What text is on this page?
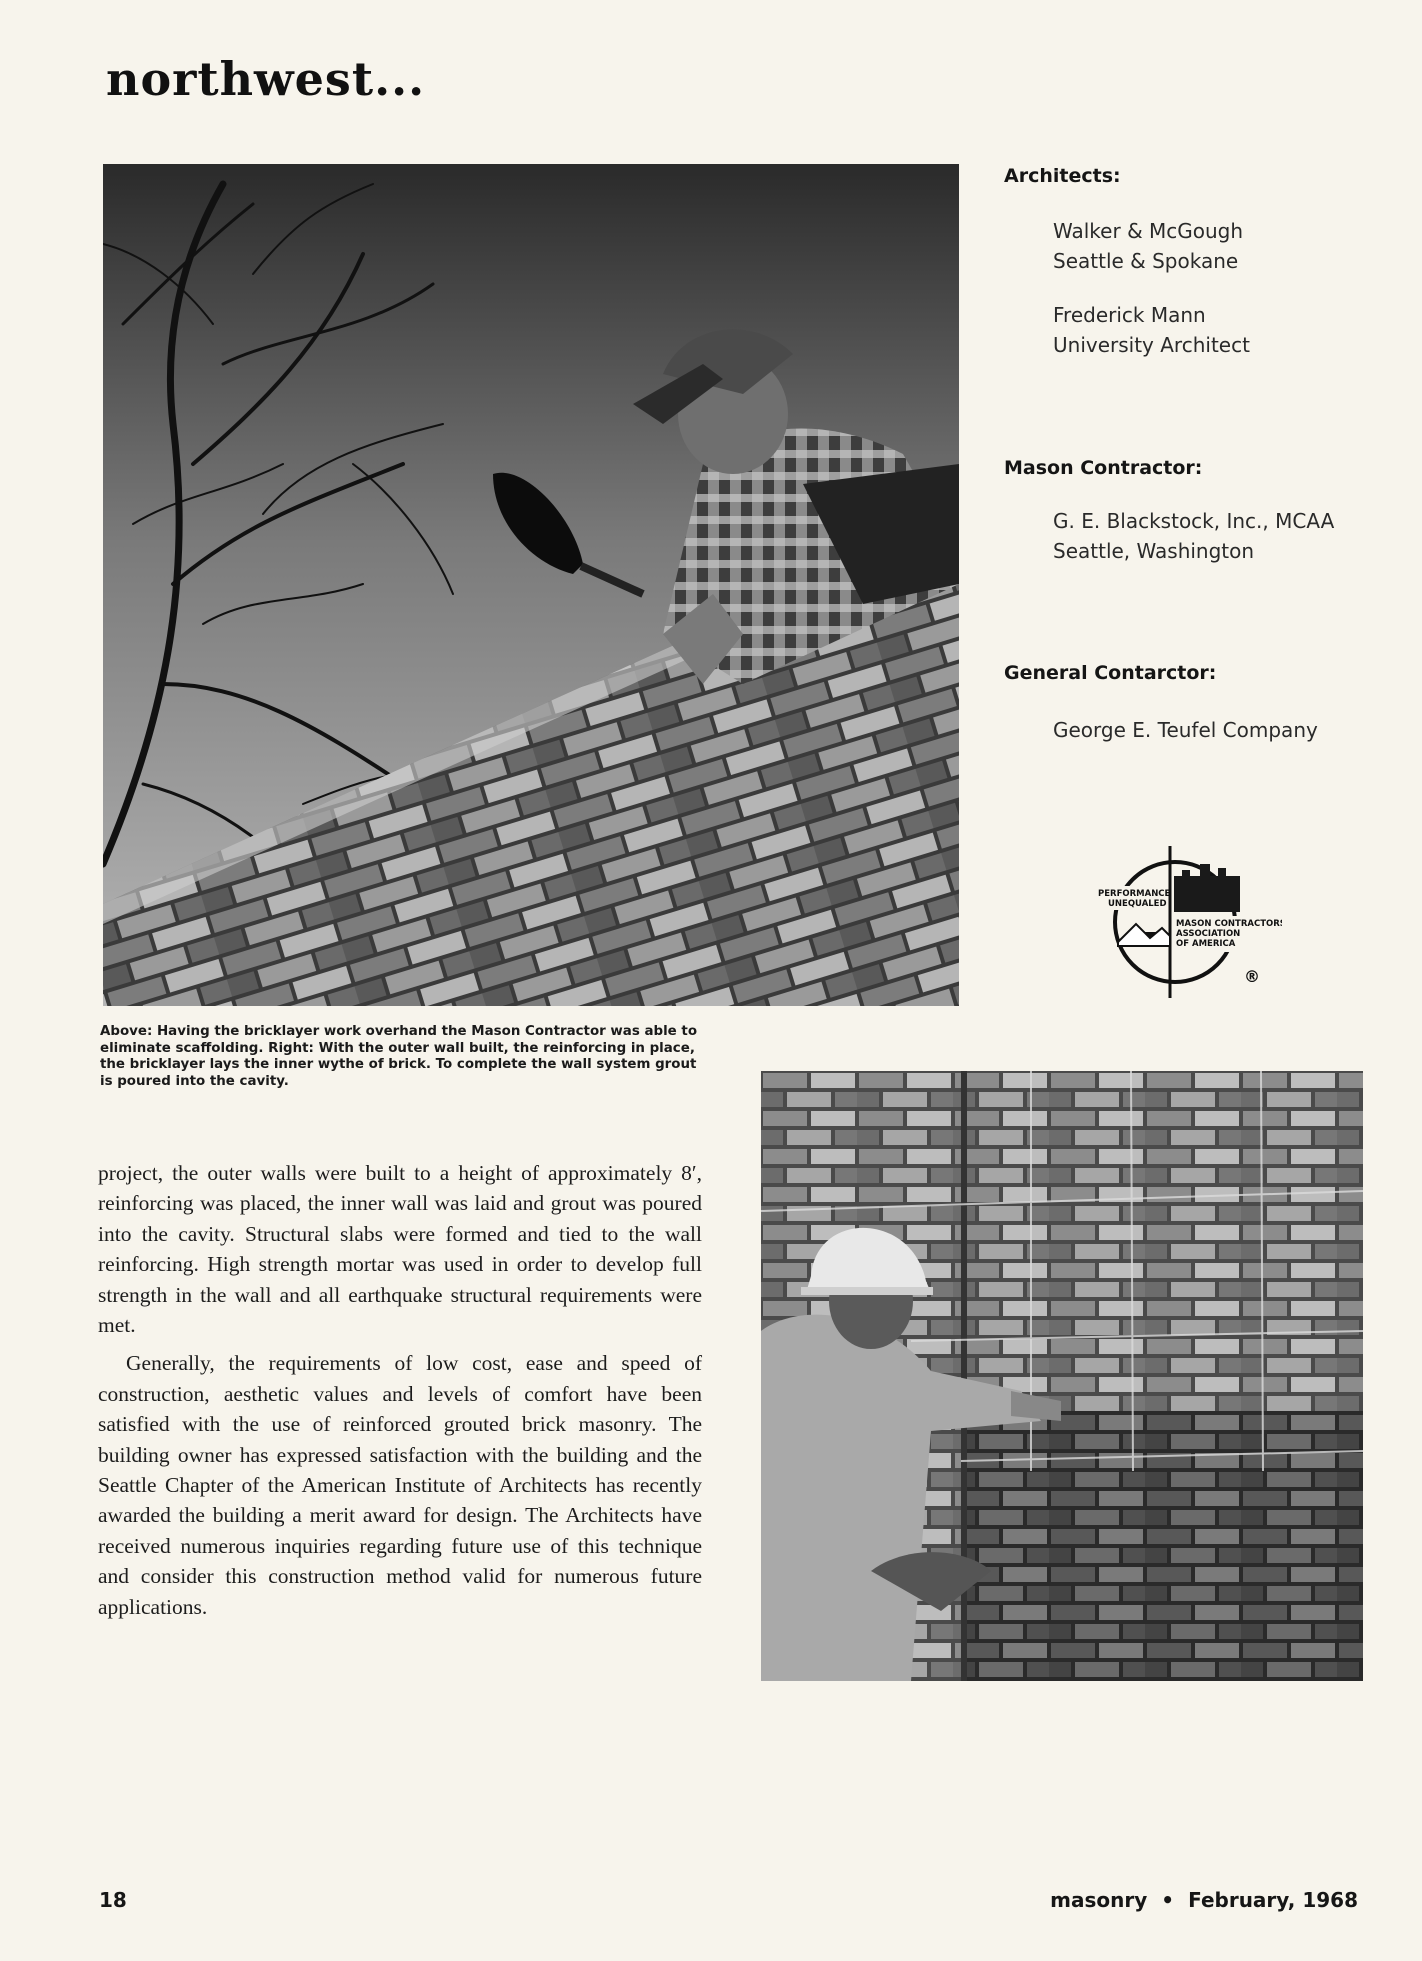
northwest...

Above: Having the bricklayer work overhand the Mason Contractor was able to eliminate scaffolding. Right: With the outer wall built, the reinforcing in place, the bricklayer lays the inner wythe of brick. To complete the wall system grout is poured into the cavity.

project, the outer walls were built to a height of approximately 8′, reinforcing was placed, the inner wall was laid and grout was poured into the cavity. Structural slabs were formed and tied to the wall reinforcing. High strength mortar was used in order to develop full strength in the wall and all earthquake structural requirements were met.

Generally, the requirements of low cost, ease and speed of construction, aesthetic values and levels of comfort have been satisfied with the use of reinforced grouted brick masonry. The building owner has expressed satisfaction with the building and the Seattle Chapter of the American Institute of Architects has recently awarded the building a merit award for design. The Architects have received numerous inquiries regarding future use of this technique and consider this construction method valid for numerous future applications.

Architects:

Walker & McGough
Seattle & Spokane
Frederick Mann
University Architect

Mason Contractor:

G. E. Blackstock, Inc., MCAA
Seattle, Washington

General Contarctor:

George E. Teufel Company
PERFORMANCE
UNEQUALED
MASON CONTRACTORS
ASSOCIATION
OF AMERICA
®
18	masonry • February, 1968
